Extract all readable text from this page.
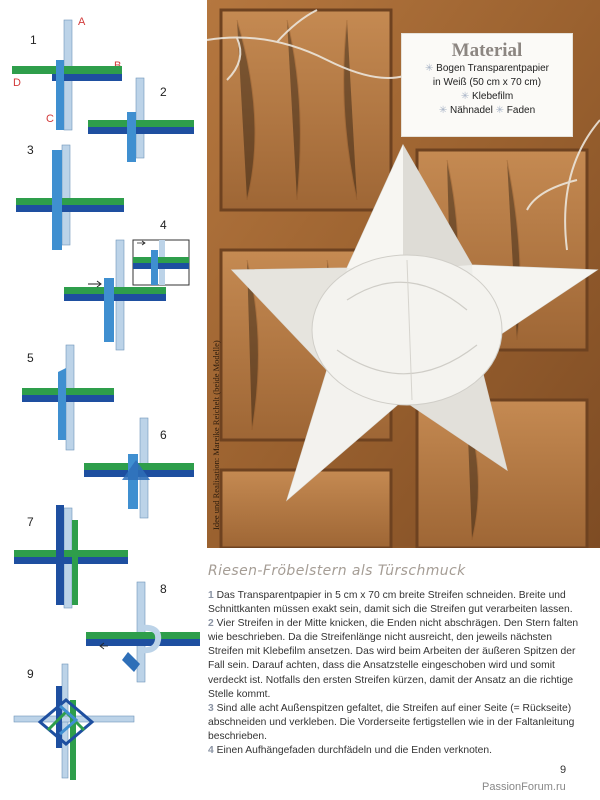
1
2
3
4
5
6
7
8
9
A
C
D
Material
✳ Bogen Transparentpapier
in Weiß (50 cm x 70 cm)
✳ Klebefilm
✳ Nähnadel ✳ Faden
Idee und Realisation: Mareike Reichelt (beide Modelle)
Riesen-Fröbelstern als Türschmuck

1 Das Transparentpapier in 5 cm x 70 cm breite Streifen schneiden. Breite und Schnittkanten müssen exakt sein, damit sich die Streifen gut verarbeiten lassen.

2 Vier Streifen in der Mitte knicken, die Enden nicht abschrägen. Den Stern falten wie beschrieben. Da die Streifenlänge nicht ausreicht, den jeweils nächsten Streifen mit Klebefilm ansetzen. Das wird beim Arbeiten der äußeren Spitzen der Fall sein. Darauf achten, dass die Ansatzstelle eingeschoben wird und somit verdeckt ist. Notfalls den ersten Streifen kürzen, damit der Ansatz an die richtige Stelle kommt.

3 Sind alle acht Außenspitzen gefaltet, die Streifen auf einer Seite (= Rückseite) abschneiden und verkleben. Die Vorderseite fertigstellen wie in der Faltanleitung beschrieben.

4 Einen Aufhängefaden durchfädeln und die Enden verknoten.

9
PassionForum.ru
